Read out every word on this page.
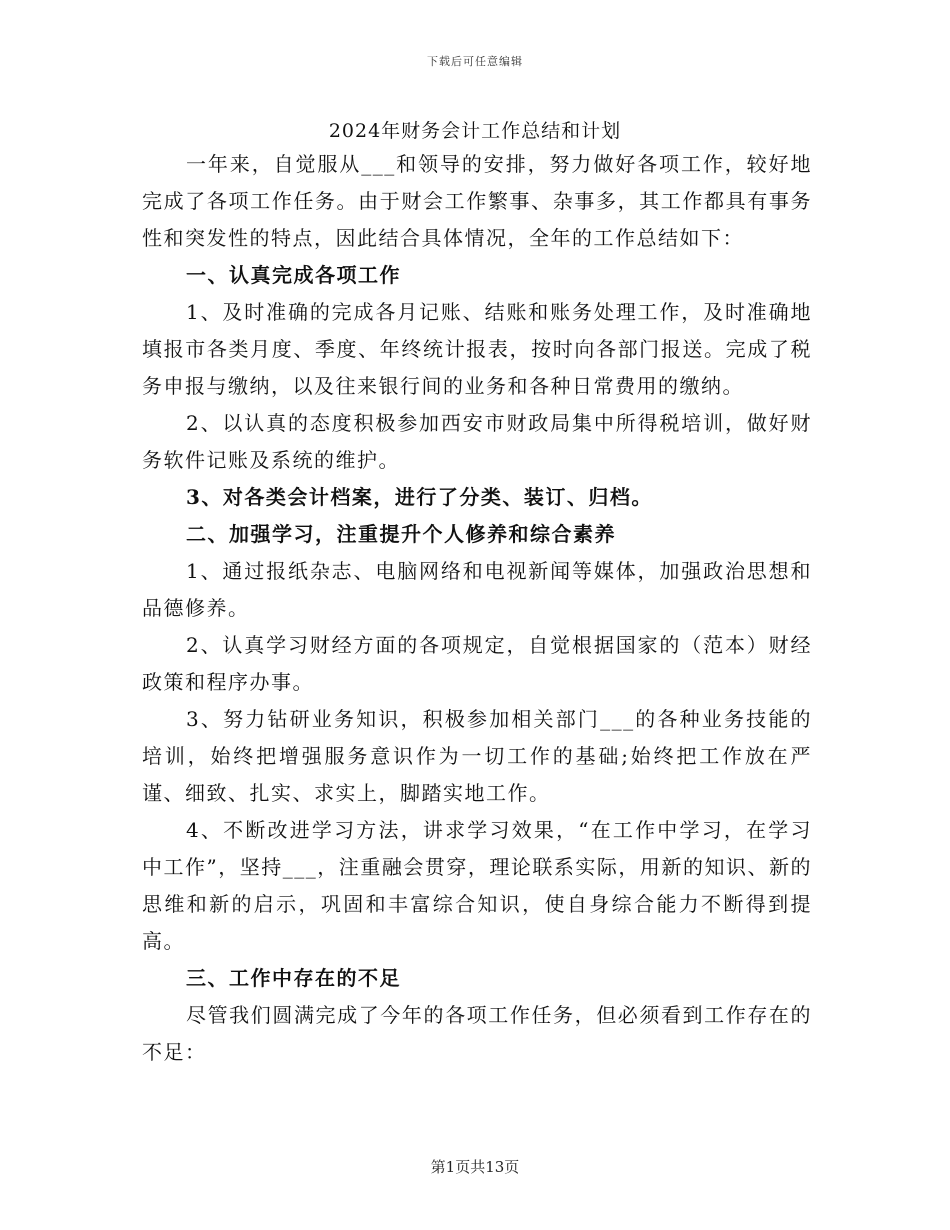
下载后可任意编辑
2024年财务会计工作总结和计划

一年来，自觉服从___和领导的安排，努力做好各项工作，较好地完成了各项工作任务。由于财会工作繁事、杂事多，其工作都具有事务性和突发性的特点，因此结合具体情况，全年的工作总结如下：

一、认真完成各项工作

1、及时准确的完成各月记账、结账和账务处理工作，及时准确地填报市各类月度、季度、年终统计报表，按时向各部门报送。完成了税务申报与缴纳，以及往来银行间的业务和各种日常费用的缴纳。

2、以认真的态度积极参加西安市财政局集中所得税培训，做好财务软件记账及系统的维护。

3、对各类会计档案，进行了分类、装订、归档。

二、加强学习，注重提升个人修养和综合素养

1、通过报纸杂志、电脑网络和电视新闻等媒体，加强政治思想和品德修养。

2、认真学习财经方面的各项规定，自觉根据国家的（范本）财经政策和程序办事。

3、努力钻研业务知识，积极参加相关部门___的各种业务技能的培训，始终把增强服务意识作为一切工作的基础;始终把工作放在严谨、细致、扎实、求实上，脚踏实地工作。

4、不断改进学习方法，讲求学习效果，“在工作中学习，在学习中工作”，坚持___，注重融会贯穿，理论联系实际，用新的知识、新的思维和新的启示，巩固和丰富综合知识，使自身综合能力不断得到提高。

三、工作中存在的不足

尽管我们圆满完成了今年的各项工作任务，但必须看到工作存在的不足：

第1页共13页
